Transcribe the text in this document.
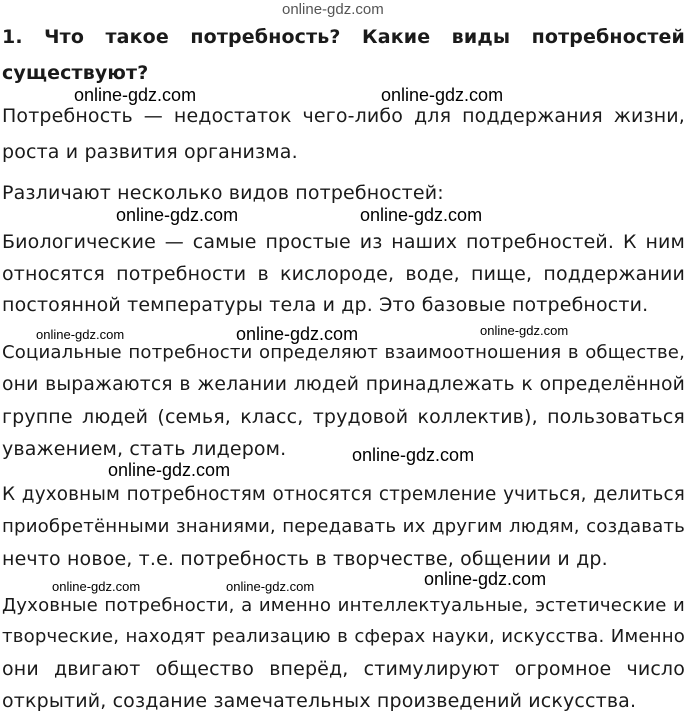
online-gdz.com
1. Что такое потребность? Какие виды потребностей
существуют?
Потребность — недостаток чего-либо для поддержания жизни,
роста и развития организма.
Различают несколько видов потребностей:
Биологические — самые простые из наших потребностей. К ним
относятся потребности в кислороде, воде, пище, поддержании
постоянной температуры тела и др. Это базовые потребности.
Социальные потребности определяют взаимоотношения в обществе,
они выражаются в желании людей принадлежать к определённой
группе людей (семья, класс, трудовой коллектив), пользоваться
уважением, стать лидером.
К духовным потребностям относятся стремление учиться, делиться
приобретёнными знаниями, передавать их другим людям, создавать
нечто новое, т.е. потребность в творчестве, общении и др.
Духовные потребности, а именно интеллектуальные, эстетические и
творческие, находят реализацию в сферах науки, искусства. Именно
они двигают общество вперёд, стимулируют огромное число
открытий, создание замечательных произведений искусства.
online-gdz.com	online-gdz.com
online-gdz.com	online-gdz.com
online-gdz.com	online-gdz.com	online-gdz.com
online-gdz.com
online-gdz.com
online-gdz.com
online-gdz.com	online-gdz.com
